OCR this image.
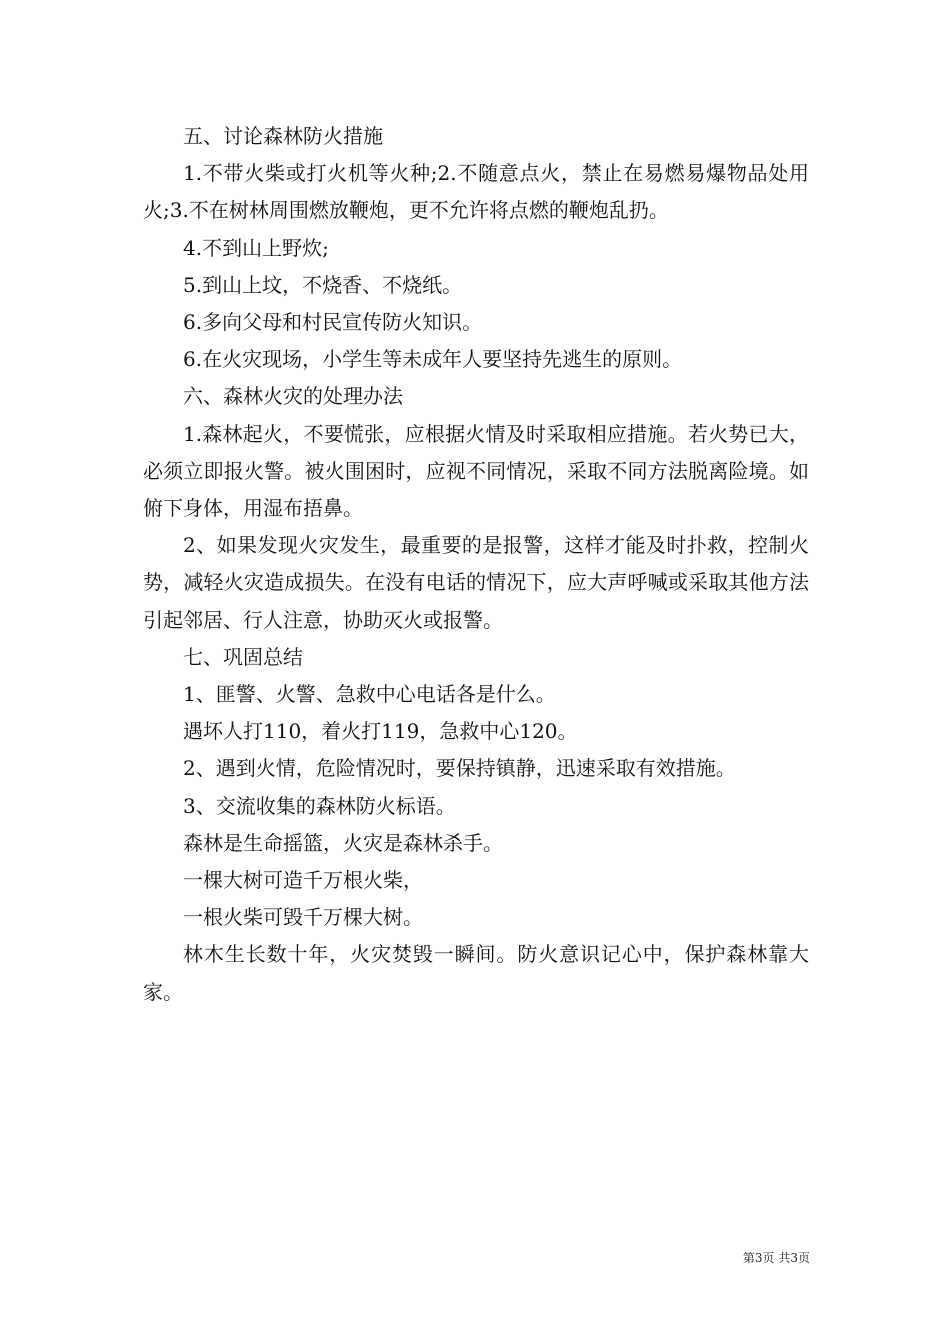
五、讨论森林防火措施

1.不带火柴或打火机等火种;2.不随意点火，禁止在易燃易爆物品处用火;3.不在树林周围燃放鞭炮，更不允许将点燃的鞭炮乱扔。

4.不到山上野炊;

5.到山上坟，不烧香、不烧纸。

6.多向父母和村民宣传防火知识。

6.在火灾现场，小学生等未成年人要坚持先逃生的原则。

六、森林火灾的处理办法

1.森林起火，不要慌张，应根据火情及时采取相应措施。若火势已大，必须立即报火警。被火围困时，应视不同情况，采取不同方法脱离险境。如俯下身体，用湿布捂鼻。

2、如果发现火灾发生，最重要的是报警，这样才能及时扑救，控制火势，减轻火灾造成损失。在没有电话的情况下，应大声呼喊或采取其他方法引起邻居、行人注意，协助灭火或报警。

七、巩固总结

1、匪警、火警、急救中心电话各是什么。

遇坏人打110，着火打119，急救中心120。

2、遇到火情，危险情况时，要保持镇静，迅速采取有效措施。

3、交流收集的森林防火标语。

森林是生命摇篮，火灾是森林杀手。

一棵大树可造千万根火柴，

一根火柴可毁千万棵大树。

林木生长数十年，火灾焚毁一瞬间。防火意识记心中，保护森林靠大家。

第3页 共3页
